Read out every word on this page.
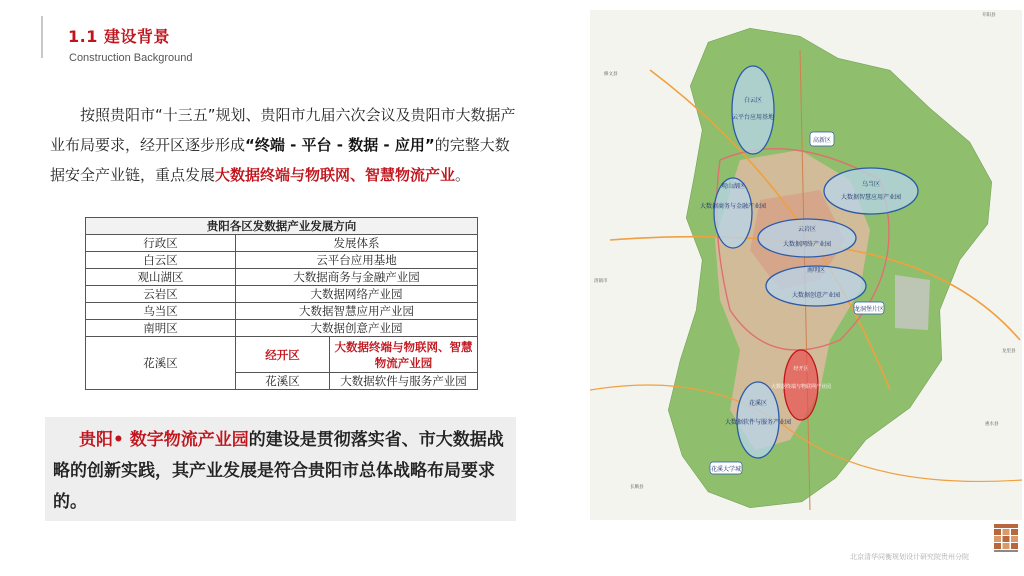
1.1 建设背景
Construction Background

按照贵阳市“十三五”规划、贵阳市九届六次会议及贵阳市大数据产业布局要求，经开区逐步形成“终端 - 平台 - 数据 - 应用”的完整大数据安全产业链，重点发展大数据终端与物联网、智慧物流产业。

贵阳各区发数据产业发展方向		
行政区	发展体系	
白云区	云平台应用基地	
观山湖区	大数据商务与金融产业园	
云岩区	大数据网络产业园	
乌当区	大数据智慧应用产业园	
南明区	大数据创意产业园	
花溪区	经开区	大数据终端与物联网、智慧物流产业园
	花溪区	大数据软件与服务产业园
贵阳• 数字物流产业园的建设是贯彻落实省、市大数据战略的创新实践，其产业发展是符合贵阳市总体战略布局要求的。
白云区
云平台应用基地
观山湖区
大数据商务与金融产业园
乌当区
大数据智慧应用产业园
云岩区
大数据网络产业园
南明区
大数据创意产业园
经开区
大数据终端与物联网产业园
花溪区
大数据软件与服务产业园
高新区
龙洞堡片区
花溪大学城
修文县
开阳县
龙里县
惠水县
清镇市
长顺县
北京清华同衡规划设计研究院贵州分院
